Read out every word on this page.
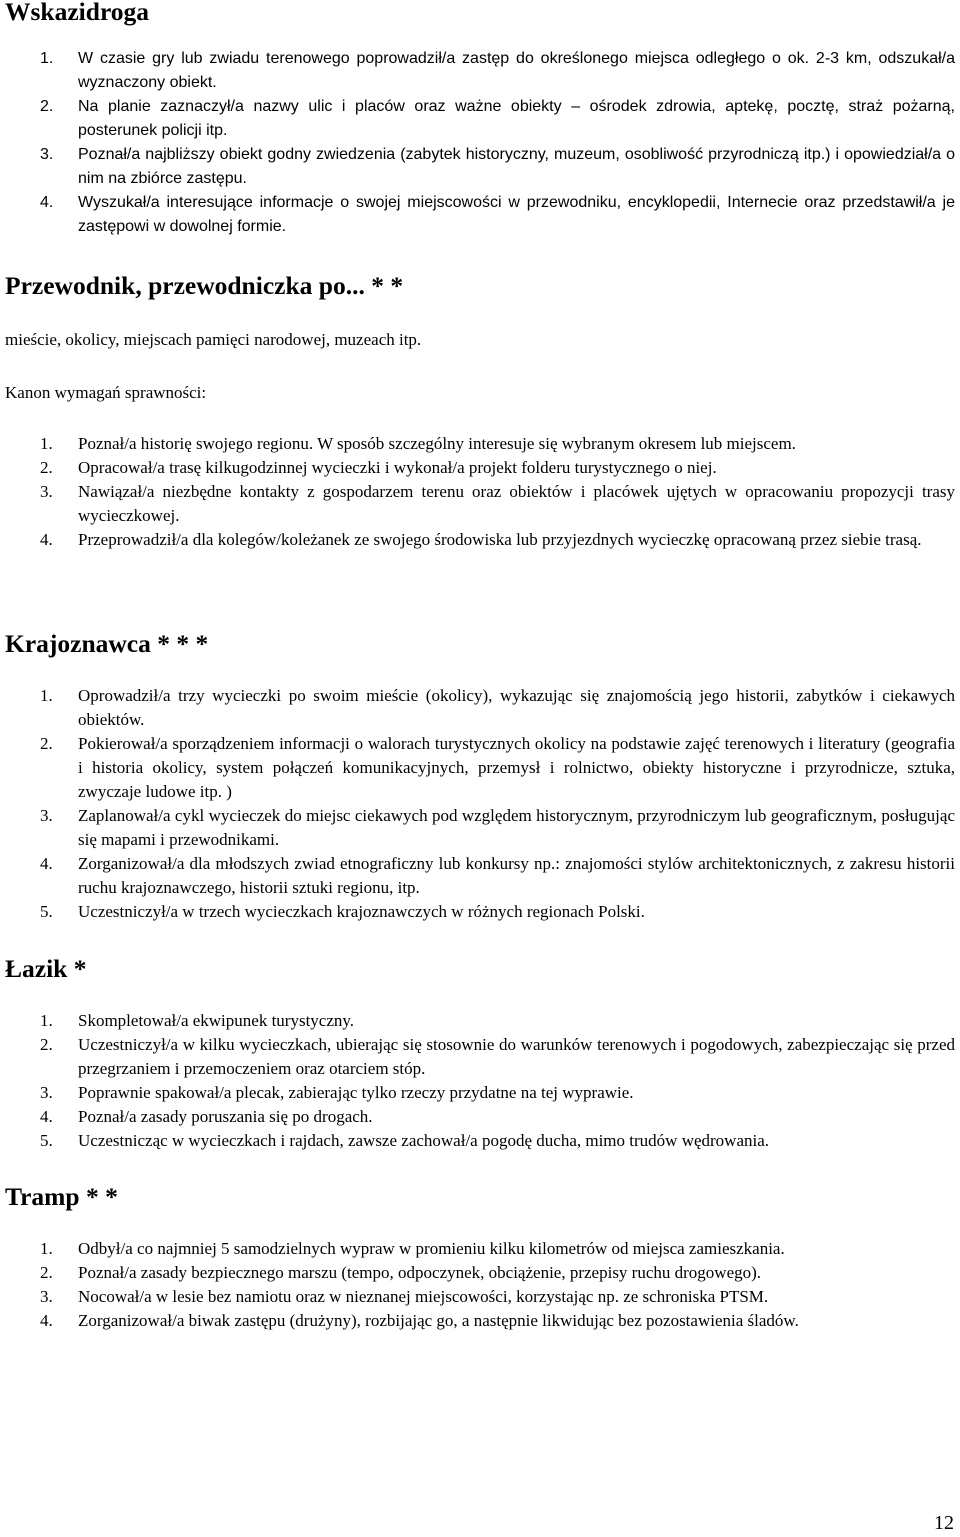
Wskazidroga
1. W czasie gry lub zwiadu terenowego poprowadził/a zastęp do określonego miejsca odległego o ok. 2-3 km, odszukał/a wyznaczony obiekt.
2. Na planie zaznaczył/a nazwy ulic i placów oraz ważne obiekty – ośrodek zdrowia, aptekę, pocztę, straż pożarną, posterunek policji itp.
3. Poznał/a najbliższy obiekt godny zwiedzenia (zabytek historyczny, muzeum, osobliwość przyrodniczą itp.) i opowiedział/a o nim na zbiórce zastępu.
4. Wyszukał/a interesujące informacje o swojej miejscowości w przewodniku, encyklopedii, Internecie oraz przedstawił/a je zastępowi w dowolnej formie.
Przewodnik, przewodniczka po... * *

mieście, okolicy, miejscach pamięci narodowej, muzeach itp.

Kanon wymagań sprawności:

1. Poznał/a historię swojego regionu. W sposób szczególny interesuje się wybranym okresem lub miejscem.
2. Opracował/a trasę kilkugodzinnej wycieczki i wykonał/a projekt folderu turystycznego o niej.
3. Nawiązał/a niezbędne kontakty z gospodarzem terenu oraz obiektów i placówek ujętych w opracowaniu propozycji trasy wycieczkowej.
4. Przeprowadził/a dla kolegów/koleżanek ze swojego środowiska lub przyjezdnych wycieczkę opracowaną przez siebie trasą.
Krajoznawca * * *
1. Oprowadził/a trzy wycieczki po swoim mieście (okolicy), wykazując się znajomością jego historii, zabytków i ciekawych obiektów.
2. Pokierował/a sporządzeniem informacji o walorach turystycznych okolicy na podstawie zajęć terenowych i literatury (geografia i historia okolicy, system połączeń komunikacyjnych, przemysł i rolnictwo, obiekty historyczne i przyrodnicze, sztuka, zwyczaje ludowe itp. )
3. Zaplanował/a cykl wycieczek do miejsc ciekawych pod względem historycznym, przyrodniczym lub geograficznym, posługując się mapami i przewodnikami.
4. Zorganizował/a dla młodszych zwiad etnograficzny lub konkursy np.: znajomości stylów architektonicznych, z zakresu historii ruchu krajoznawczego, historii sztuki regionu, itp.
5. Uczestniczył/a w trzech wycieczkach krajoznawczych w różnych regionach Polski.
Łazik *
1. Skompletował/a ekwipunek turystyczny.
2. Uczestniczył/a w kilku wycieczkach, ubierając się stosownie do warunków terenowych i pogodowych, zabezpieczając się przed przegrzaniem i przemoczeniem oraz otarciem stóp.
3. Poprawnie spakował/a plecak, zabierając tylko rzeczy przydatne na tej wyprawie.
4. Poznał/a zasady poruszania się po drogach.
5. Uczestnicząc w wycieczkach i rajdach, zawsze zachował/a pogodę ducha, mimo trudów wędrowania.
Tramp * *
1. Odbył/a co najmniej 5 samodzielnych wypraw w promieniu kilku kilometrów od miejsca zamieszkania.
2. Poznał/a zasady bezpiecznego marszu (tempo, odpoczynek, obciążenie, przepisy ruchu drogowego).
3. Nocował/a w lesie bez namiotu oraz w nieznanej miejscowości, korzystając np. ze schroniska PTSM.
4. Zorganizował/a biwak zastępu (drużyny), rozbijając go, a następnie likwidując bez pozostawienia śladów.
12
